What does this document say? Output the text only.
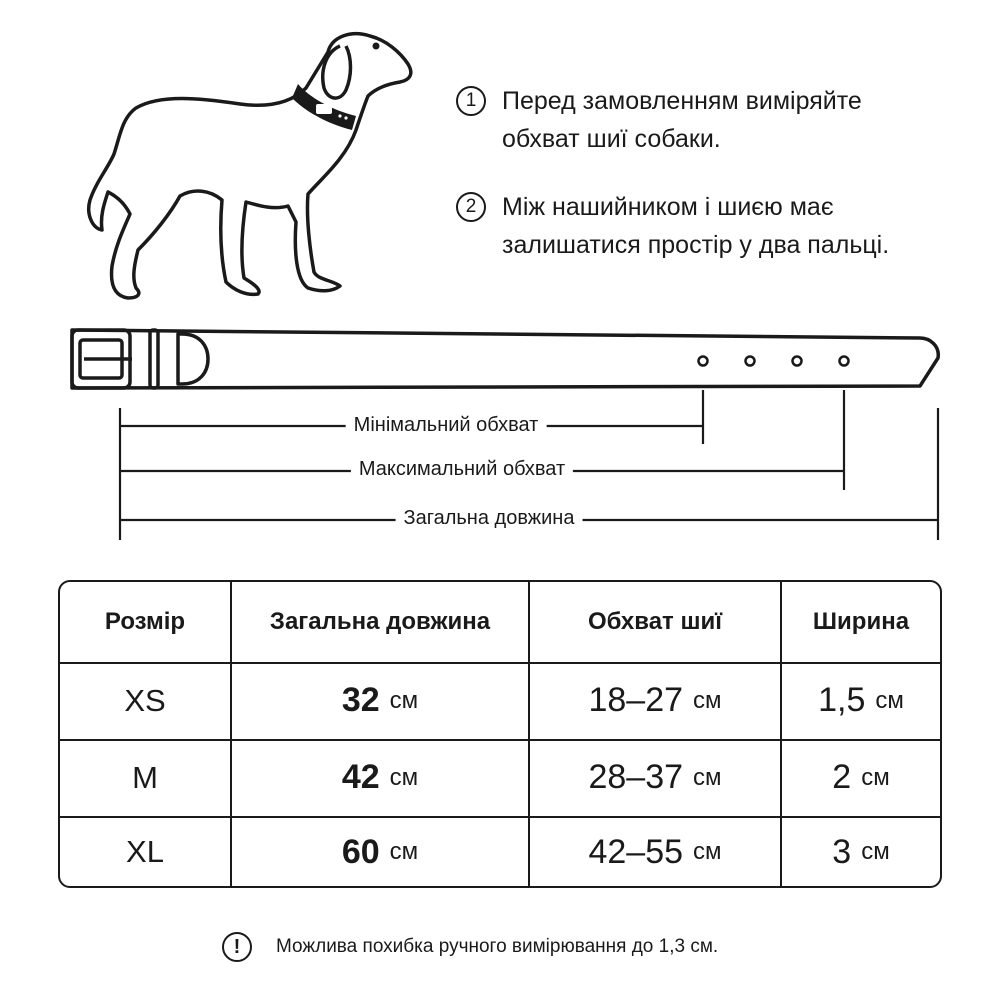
1	Перед замовленням виміряйте
обхват шиї собаки.
2	Між нашийником і шиєю має
залишатися простір у два пальці.
Мінімальний обхват
Максимальний обхват
Загальна довжина
Розмір	Загальна довжина	Обхват шиї	Ширина
XS	32 см	18–27 см	1,5 см
M	42 см	28–37 см	2 см
XL	60 см	42–55 см	3 см
!	Можлива похибка ручного вимірювання до 1,3 см.
